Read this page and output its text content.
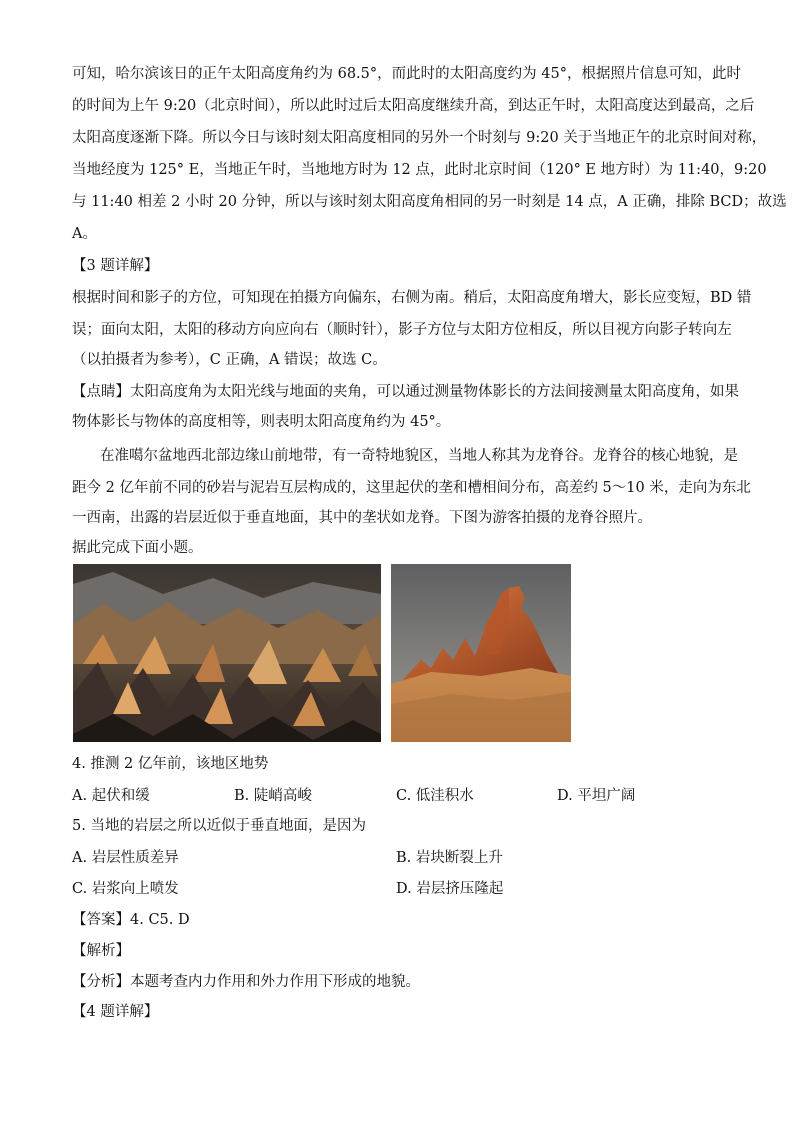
可知，哈尔滨该日的正午太阳高度角约为 68.5°，而此时的太阳高度约为 45°，根据照片信息可知，此时
的时间为上午 9:20（北京时间），所以此时过后太阳高度继续升高，到达正午时，太阳高度达到最高，之后
太阳高度逐渐下降。所以今日与该时刻太阳高度相同的另外一个时刻与 9:20 关于当地正午的北京时间对称，
当地经度为 125° E，当地正午时，当地地方时为 12 点，此时北京时间（120° E 地方时）为 11:40，9:20
与 11:40 相差 2 小时 20 分钟，所以与该时刻太阳高度角相同的另一时刻是 14 点，A 正确，排除 BCD；故选
A。
【3 题详解】
根据时间和影子的方位，可知现在拍摄方向偏东，右侧为南。稍后，太阳高度角增大，影长应变短，BD 错
误；面向太阳，太阳的移动方向应向右（顺时针），影子方位与太阳方位相反，所以目视方向影子转向左
（以拍摄者为参考），C 正确，A 错误；故选 C。
【点睛】太阳高度角为太阳光线与地面的夹角，可以通过测量物体影长的方法间接测量太阳高度角，如果
物体影长与物体的高度相等，则表明太阳高度角约为 45°。
在准噶尔盆地西北部边缘山前地带，有一奇特地貌区，当地人称其为龙脊谷。龙脊谷的核心地貌，是
距今 2 亿年前不同的砂岩与泥岩互层构成的，这里起伏的垄和槽相间分布，高差约 5～10 米，走向为东北
一西南，出露的岩层近似于垂直地面，其中的垄状如龙脊。下图为游客拍摄的龙脊谷照片。
据此完成下面小题。
4. 推测 2 亿年前，该地区地势
A. 起伏和缓	B. 陡峭高峻	C. 低洼积水	D. 平坦广阔
5. 当地的岩层之所以近似于垂直地面，是因为
A. 岩层性质差异	B. 岩块断裂上升
C. 岩浆向上喷发	D. 岩层挤压隆起
【答案】4. C5. D
【解析】
【分析】本题考查内力作用和外力作用下形成的地貌。
【4 题详解】
